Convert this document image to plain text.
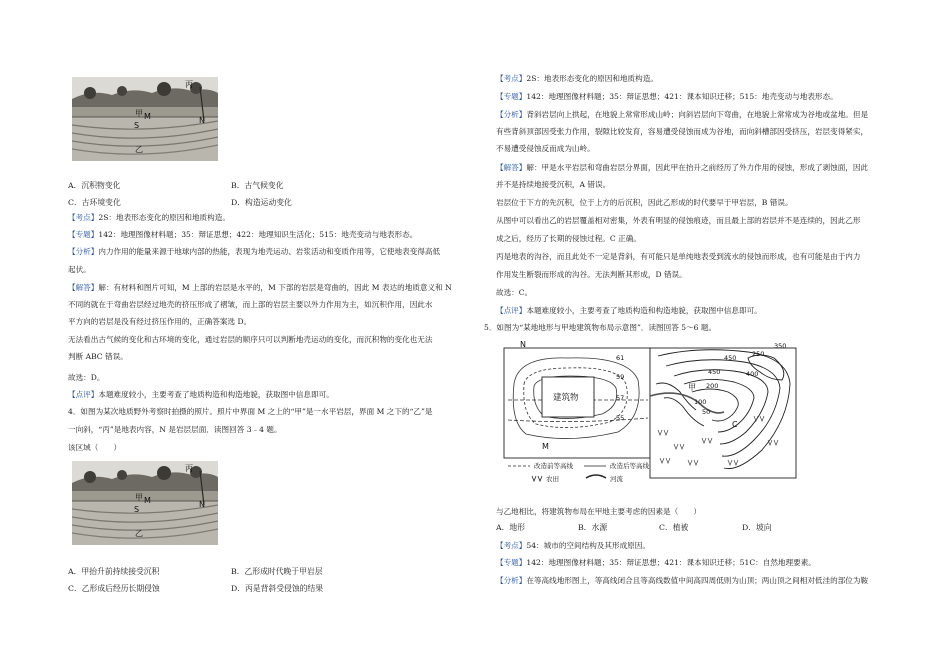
丙
甲 M
S
N
乙
A．沉积物变化	B．古气候变化
C．古环境变化	D．构造运动变化
【考点】2S：地表形态变化的原因和地质构造。
【专题】142：地理图像材料题；35：辩证思想；422：地理知识生活化；515：地壳变动与地表形态。
【分析】内力作用的能量来源于地球内部的热能，表现为地壳运动、岩浆活动和变质作用等，它使地表变得高低
起伏。
【解答】解：有材料和图片可知，M 上部的岩层是水平的，M 下部的岩层是弯曲的，因此 M 表达的地质意义和 N
不同的就在于弯曲岩层经过地壳的挤压形成了褶皱，而上部的岩层主要以外力作用为主，如沉积作用，因此水
平方向的岩层是没有经过挤压作用的，正确答案选 D。
无法看出古气候的变化和古环境的变化，通过岩层的顺序只可以判断地壳运动的变化，而沉积物的变化也无法
判断 ABC 错误。
故选：D。
【点评】本题难度较小，主要考查了地质构造和构造地貌，获取图中信息即可。
4．如图为某次地质野外考察时拍摄的照片。照片中界面 M 之上的“甲”是一水平岩层，界面 M 之下的“乙”是
一向斜，“丙”是地表内容，N 是岩层层面．读图回答 3﹣4 题。
该区域（　　）
丙
甲 M
S
N
乙
A．甲抬升前持续接受沉积	B．乙形成时代晚于甲岩层
C．乙形成后经历长期侵蚀	D．丙是背斜受侵蚀的结果
【考点】2S：地表形态变化的原因和地质构造。
【专题】142：地理图像材料题；35：辩证思想；421：课本知识迁移；515：地壳变动与地表形态。
【分析】背斜岩层向上拱起，在地貌上常常形成山岭；向斜岩层向下弯曲，在地貌上常常成为谷地或盆地。但是
有些背斜顶部因受张力作用，裂隙比较发育，容易遭受侵蚀而成为谷地，而向斜槽部因受挤压，岩层变得紧实，
不易遭受侵蚀反而成为山岭。
【解答】解：甲是水平岩层和弯曲岩层分界面，因此甲在抬升之前经历了外力作用的侵蚀，形成了剥蚀面，因此
并不是持续地接受沉积，A 错误。
岩层位于下方的先沉积，位于上方的后沉积，因此乙形成的时代要早于甲岩层，B 错误。
从图中可以看出乙的岩层覆盖相对密集，外表有明显的侵蚀痕迹，而且最上部的岩层并不是连续的，因此乙形
成之后，经历了长期的侵蚀过程。C 正确。
丙是地表的沟谷，而且此处不一定是背斜，有可能只是单纯地表受到流水的侵蚀而形成，也有可能是由于内力
作用发生断裂而形成的沟谷。无法判断其形成，D 错误。
故选：C。
【点评】本题难度较小，主要考查了地质构造和构造地貌，获取图中信息即可。
5．如图为“某地地形与甲地建筑物布局示意图”．读图回答 5～6 题。
N
M
建筑物
61
59
57
55
450
400
350
250
450
200
100
50
甲
C
改造前等高线	改造后等高线
农田	河流
与乙地相比，将建筑物布局在甲地主要考虑的因素是（　　）
A．地形	B．水源	C．植被	D．坡向
【考点】54：城市的空间结构及其形成原因。
【专题】142：地理图像材料题；35：辩证思想；421：课本知识迁移；51C：自然地理要素。
【分析】在等高线地形图上，等高线闭合且等高线数值中间高四周低则为山顶；两山顶之间相对低洼的部位为鞍
